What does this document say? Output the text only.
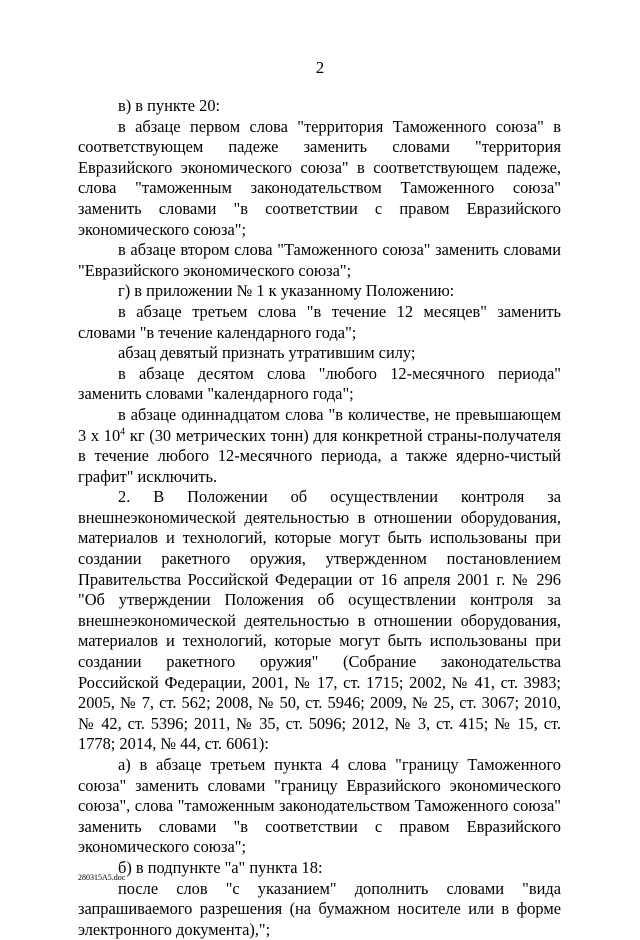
2

в) в пункте 20:

в абзаце первом слова "территория Таможенного союза" в соответствующем падеже заменить словами "территория Евразийского экономического союза" в соответствующем падеже, слова "таможенным законодательством Таможенного союза" заменить словами "в соответствии с правом Евразийского экономического союза";

в абзаце втором слова "Таможенного союза" заменить словами "Евразийского экономического союза";

г) в приложении № 1 к указанному Положению:

в абзаце третьем слова "в течение 12 месяцев" заменить словами "в течение календарного года";

абзац девятый признать утратившим силу;

в абзаце десятом слова "любого 12-месячного периода" заменить словами "календарного года";

в абзаце одиннадцатом слова "в количестве, не превышающем 3 х $10^4$ кг (30 метрических тонн) для конкретной страны-получателя в течение любого 12-месячного периода, а также ядерно-чистый графит" исключить.

2. В Положении об осуществлении контроля за внешнеэкономической деятельностью в отношении оборудования, материалов и технологий, которые могут быть использованы при создании ракетного оружия, утвержденном постановлением Правительства Российской Федерации от 16 апреля 2001 г. № 296 "Об утверждении Положения об осуществлении контроля за внешнеэкономической деятельностью в отношении оборудования, материалов и технологий, которые могут быть использованы при создании ракетного оружия" (Собрание законодательства Российской Федерации, 2001, № 17, ст. 1715; 2002, № 41, ст. 3983; 2005, № 7, ст. 562; 2008, № 50, ст. 5946; 2009, № 25, ст. 3067; 2010, № 42, ст. 5396; 2011, № 35, ст. 5096; 2012, № 3, ст. 415; № 15, ст. 1778; 2014, № 44, ст. 6061):

а) в абзаце третьем пункта 4 слова "границу Таможенного союза" заменить словами "границу Евразийского экономического союза", слова "таможенным законодательством Таможенного союза" заменить словами "в соответствии с правом Евразийского экономического союза";

б) в подпункте "а" пункта 18:

после слов "с указанием" дополнить словами "вида запрашиваемого разрешения (на бумажном носителе или в форме электронного документа),";

280315A5.doc
